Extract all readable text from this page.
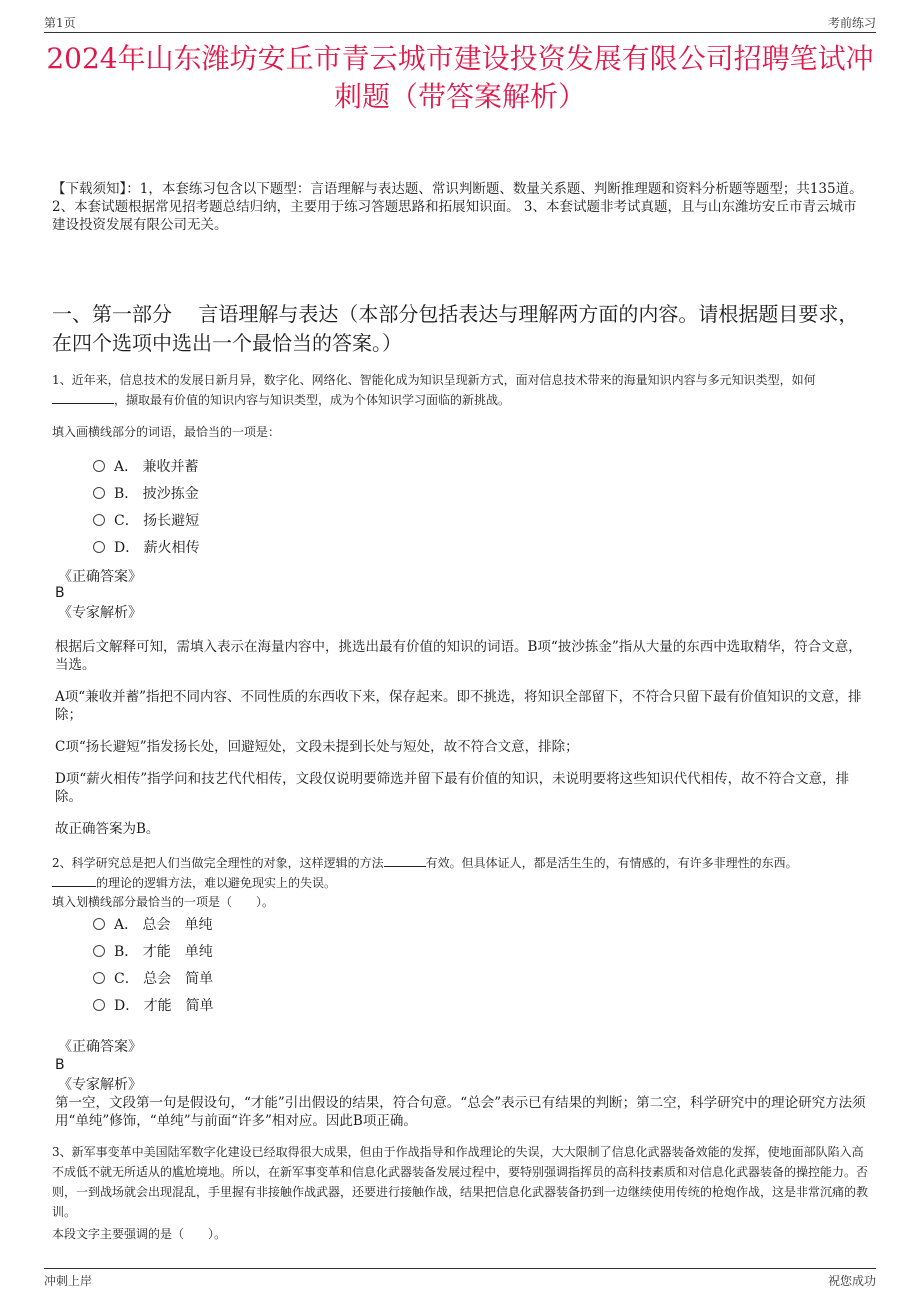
第1页	考前练习
2024年山东潍坊安丘市青云城市建设投资发展有限公司招聘笔试冲刺题（带答案解析）
【下载须知】：1，本套练习包含以下题型：言语理解与表达题、常识判断题、数量关系题、判断推理题和资料分析题等题型；共135道。 2、本套试题根据常见招考题总结归纳，主要用于练习答题思路和拓展知识面。 3、本套试题非考试真题，且与山东潍坊安丘市青云城市建设投资发展有限公司无关。
一、第一部分　 言语理解与表达（本部分包括表达与理解两方面的内容。请根据题目要求，在四个选项中选出一个最恰当的答案。）
1、近年来，信息技术的发展日新月异，数字化、网络化、智能化成为知识呈现新方式，面对信息技术带来的海量知识内容与多元知识类型，如何，撷取最有价值的知识内容与知识类型，成为个体知识学习面临的新挑战。
填入画横线部分的词语，最恰当的一项是：
A． 兼收并蓄
B． 披沙拣金
C． 扬长避短
D． 薪火相传
《正确答案》
B
《专家解析》
根据后文解释可知，需填入表示在海量内容中，挑选出最有价值的知识的词语。B项“披沙拣金”指从大量的东西中选取精华，符合文意，当选。
A项“兼收并蓄”指把不同内容、不同性质的东西收下来，保存起来。即不挑选，将知识全部留下，不符合只留下最有价值知识的文意，排除；
C项“扬长避短”指发扬长处，回避短处，文段未提到长处与短处，故不符合文意，排除；
D项“薪火相传”指学问和技艺代代相传，文段仅说明要筛选并留下最有价值的知识，未说明要将这些知识代代相传，故不符合文意，排除。
故正确答案为B。
2、科学研究总是把人们当做完全理性的对象，这样逻辑的方法	有效。但具体证人，都是活生生的，有情感的，有许多非理性的东西。
的理论的逻辑方法，难以避免现实上的失误。
填入划横线部分最恰当的一项是（　　）。
A． 总会　单纯
B． 才能　单纯
C． 总会　简单
D． 才能　简单
《正确答案》
B
《专家解析》
第一空，文段第一句是假设句，“才能”引出假设的结果，符合句意。“总会”表示已有结果的判断；第二空，科学研究中的理论研究方法须用“单纯”修饰，“单纯”与前面“许多”相对应。因此B项正确。
3、新军事变革中美国陆军数字化建设已经取得很大成果，但由于作战指导和作战理论的失误，大大限制了信息化武器装备效能的发挥，使地面部队陷入高不成低不就无所适从的尴尬境地。所以，在新军事变革和信息化武器装备发展过程中，要特别强调指挥员的高科技素质和对信息化武器装备的操控能力。否则，一到战场就会出现混乱，手里握有非接触作战武器，还要进行接触作战，结果把信息化武器装备扔到一边继续使用传统的枪炮作战，这是非常沉痛的教训。
本段文字主要强调的是（　　）。
冲刺上岸	祝您成功
